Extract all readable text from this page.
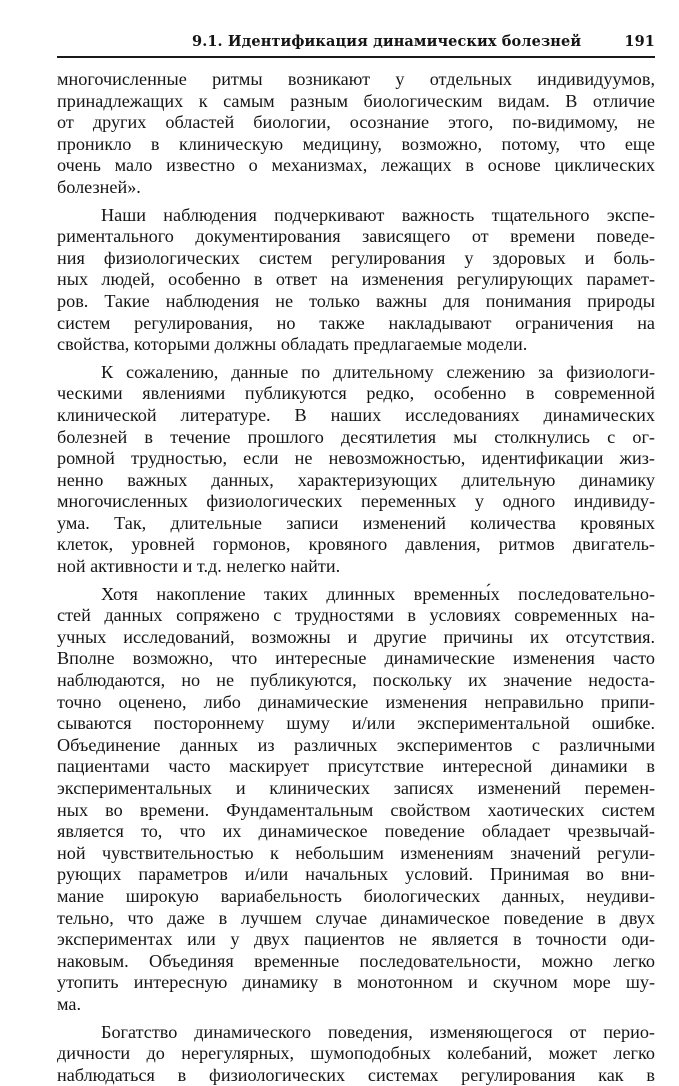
9.1. Идентификация динамических болезней	191
многочисленные ритмы возникают у отдельных индивидуумов,
принадлежащих к самым разным биологическим видам. В отличие
от других областей биологии, осознание этого, по-видимому, не
проникло в клиническую медицину, возможно, потому, что еще
очень мало известно о механизмах, лежащих в основе циклических
болезней».
Наши наблюдения подчеркивают важность тщательного экспе-
риментального документирования зависящего от времени поведе-
ния физиологических систем регулирования у здоровых и боль-
ных людей, особенно в ответ на изменения регулирующих парамет-
ров. Такие наблюдения не только важны для понимания природы
систем регулирования, но также накладывают ограничения на
свойства, которыми должны обладать предлагаемые модели.
К сожалению, данные по длительному слежению за физиологи-
ческими явлениями публикуются редко, особенно в современной
клинической литературе. В наших исследованиях динамических
болезней в течение прошлого десятилетия мы столкнулись с ог-
ромной трудностью, если не невозможностью, идентификации жиз-
ненно важных данных, характеризующих длительную динамику
многочисленных физиологических переменных у одного индивиду-
ума. Так, длительные записи изменений количества кровяных
клеток, уровней гормонов, кровяного давления, ритмов двигатель-
ной активности и т.д. нелегко найти.
Хотя накопление таких длинных временны́х последовательно-
стей данных сопряжено с трудностями в условиях современных на-
учных исследований, возможны и другие причины их отсутствия.
Вполне возможно, что интересные динамические изменения часто
наблюдаются, но не публикуются, поскольку их значение недоста-
точно оценено, либо динамические изменения неправильно припи-
сываются постороннему шуму и/или экспериментальной ошибке.
Объединение данных из различных экспериментов с различными
пациентами часто маскирует присутствие интересной динамики в
экспериментальных и клинических записях изменений перемен-
ных во времени. Фундаментальным свойством хаотических систем
является то, что их динамическое поведение обладает чрезвычай-
ной чувствительностью к небольшим изменениям значений регули-
рующих параметров и/или начальных условий. Принимая во вни-
мание широкую вариабельность биологических данных, неудиви-
тельно, что даже в лучшем случае динамическое поведение в двух
экспериментах или у двух пациентов не является в точности оди-
наковым. Объединяя временные последовательности, можно легко
утопить интересную динамику в монотонном и скучном море шу-
ма.
Богатство динамического поведения, изменяющегося от перио-
дичности до нерегулярных, шумоподобных колебаний, может легко
наблюдаться в физиологических системах регулирования как в
